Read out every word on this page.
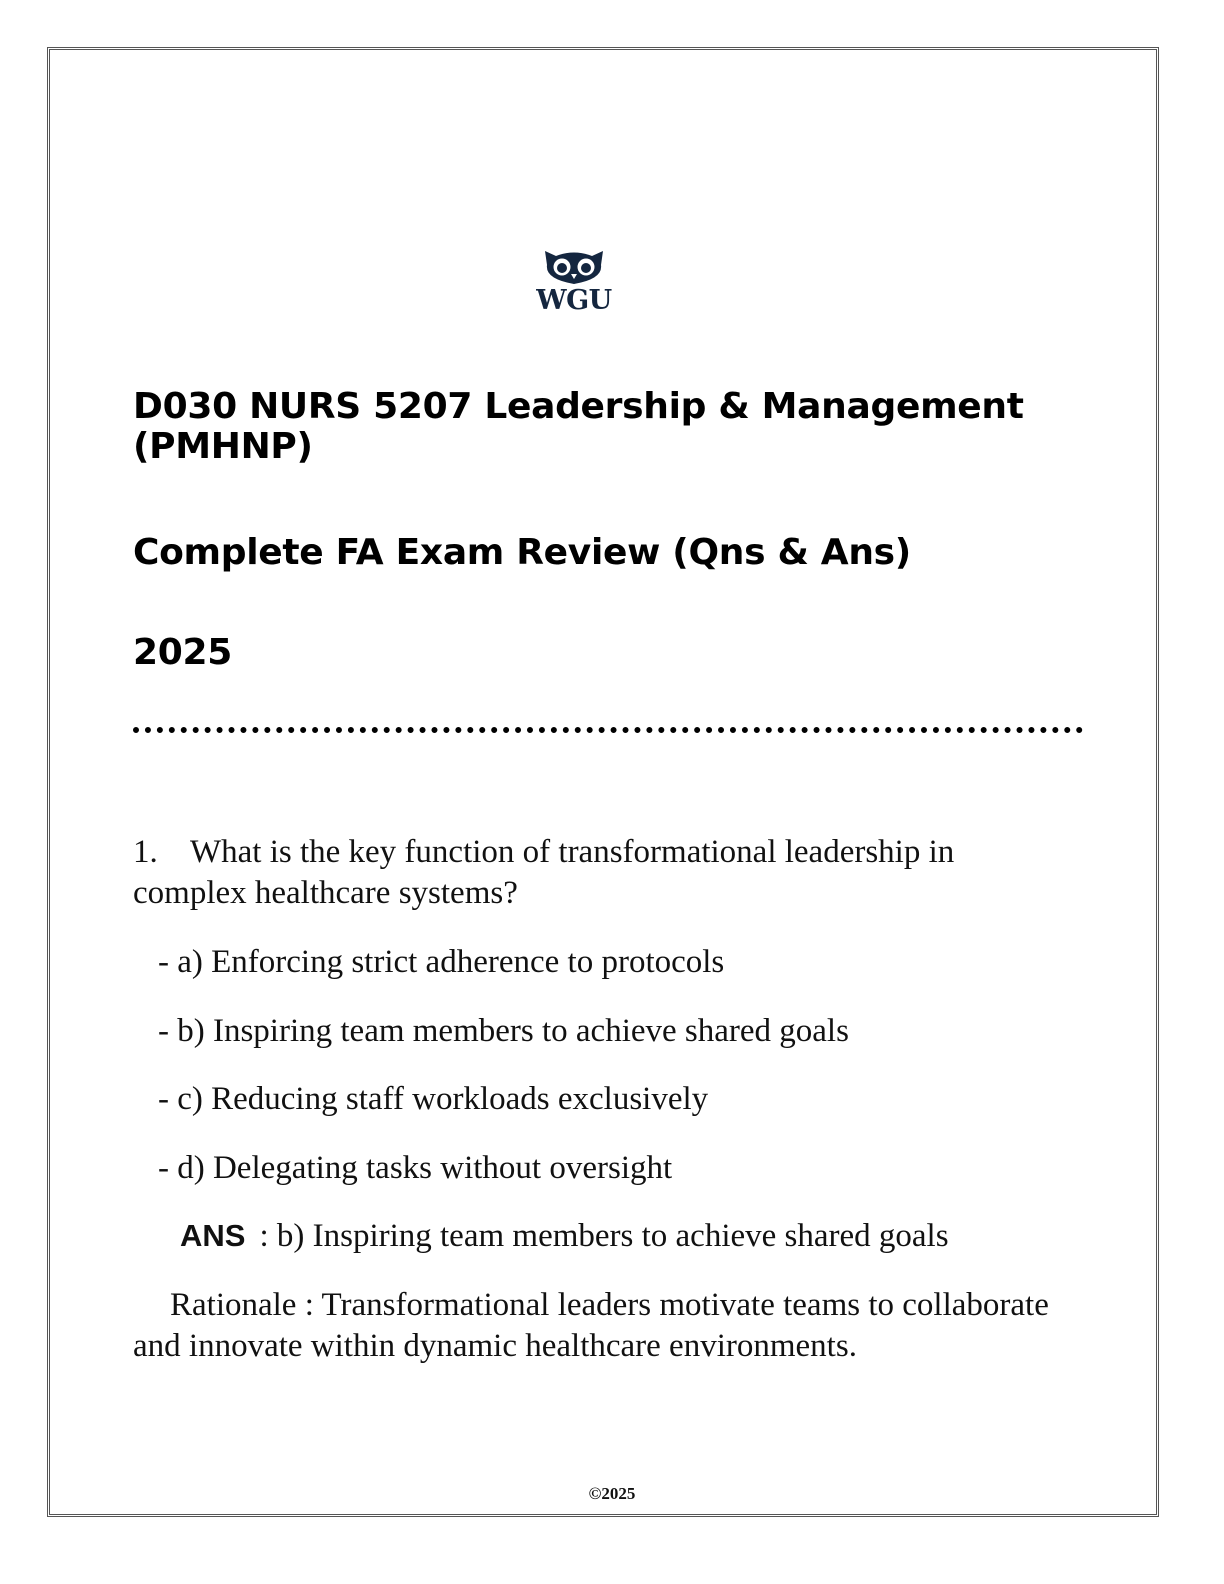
WGU
D030 NURS 5207 Leadership & Management (PMHNP)
Complete FA Exam Review (Qns & Ans)
2025
1. What is the key function of transformational leadership in complex healthcare systems?
- a) Enforcing strict adherence to protocols
- b) Inspiring team members to achieve shared goals
- c) Reducing staff workloads exclusively
- d) Delegating tasks without oversight
ANS : b) Inspiring team members to achieve shared goals
Rationale : Transformational leaders motivate teams to collaborate and innovate within dynamic healthcare environments.
©2025
